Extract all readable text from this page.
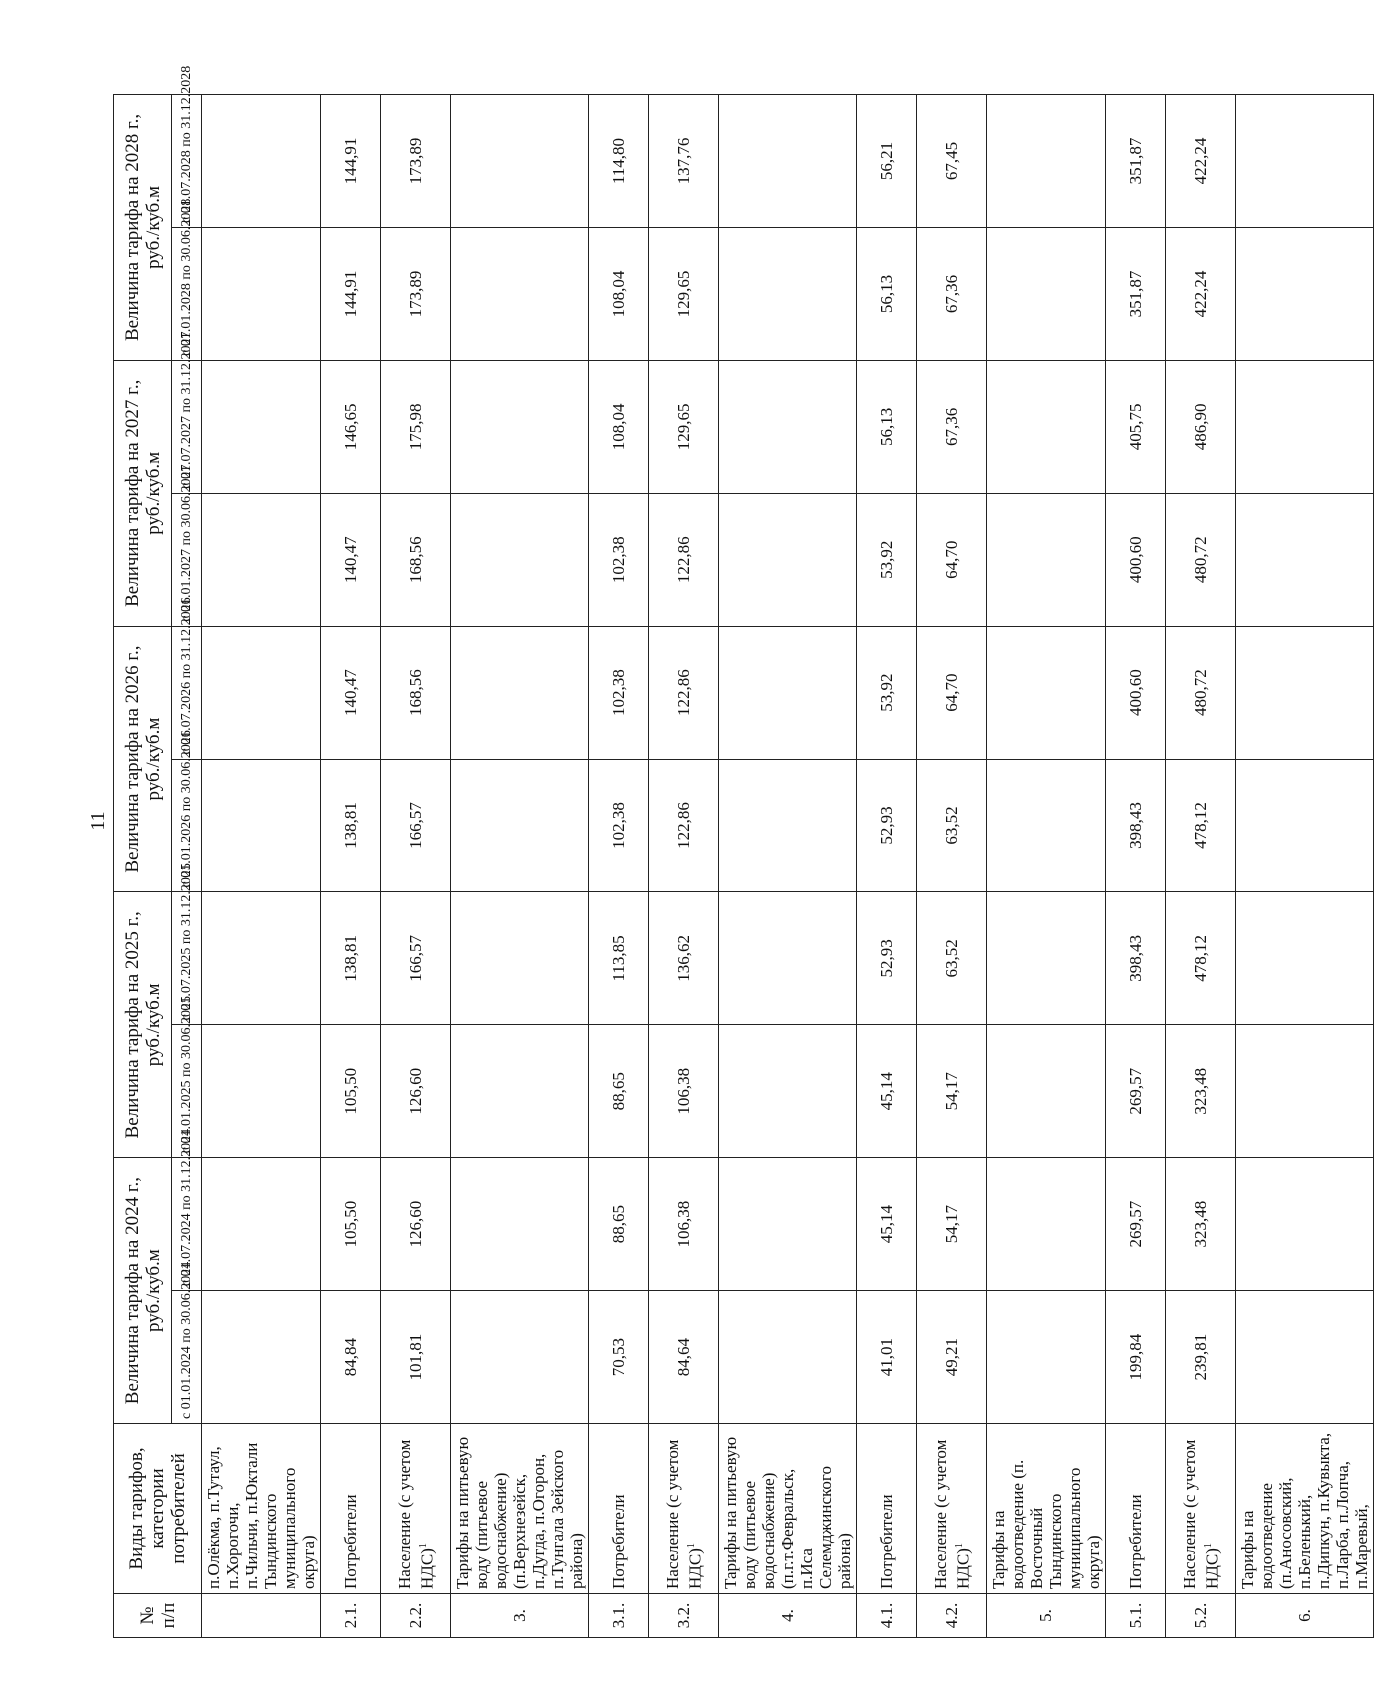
11
№ п/п	Виды тарифов, категории потребителей	Величина тарифа на 2024 г., руб./куб.м		Величина тарифа на 2025 г., руб./куб.м		Величина тарифа на 2026 г., руб./куб.м		Величина тарифа на 2027 г., руб./куб.м		Величина тарифа на 2028 г., руб./куб.м	
		с 01.01.2024 по 30.06.2024	с 01.07.2024 по 31.12.2024	с 01.01.2025 по 30.06.2025	с 01.07.2025 по 31.12.2025	с 01.01.2026 по 30.06.2026	с 01.07.2026 по 31.12.2026	с 01.01.2027 по 30.06.2027	с 01.07.2027 по 31.12.2027	с 01.01.2028 по 30.06.2028	с 01.07.2028 по 31.12.2028
	п.Олёкма, п.Тутаул, п.Хорогочи, п.Чильчи, п.Юктали Тындинского муниципального округа)										
2.1.	Потребители	84,84	105,50	105,50	138,81	138,81	140,47	140,47	146,65	144,91	144,91
2.2.	Население (с учетом НДС)$^1$	101,81	126,60	126,60	166,57	166,57	168,56	168,56	175,98	173,89	173,89
3.	Тарифы на питьевую воду (питьевое водоснабжение) (п.Верхнезейск, п.Дугда, п.Огорон, п.Тунгала Зейского района)										
3.1.	Потребители	70,53	88,65	88,65	113,85	102,38	102,38	102,38	108,04	108,04	114,80
3.2.	Население (с учетом НДС)$^1$	84,64	106,38	106,38	136,62	122,86	122,86	122,86	129,65	129,65	137,76
4.	Тарифы на питьевую воду (питьевое водоснабжение) (п.г.т.Февральск, п.Иса Селемджинского района)										
4.1.	Потребители	41,01	45,14	45,14	52,93	52,93	53,92	53,92	56,13	56,13	56,21
4.2.	Население (с учетом НДС)$^1$	49,21	54,17	54,17	63,52	63,52	64,70	64,70	67,36	67,36	67,45
5.	Тарифы на водоотведение (п. Восточный Тындинского муниципального округа)										
5.1.	Потребители	199,84	269,57	269,57	398,43	398,43	400,60	400,60	405,75	351,87	351,87
5.2.	Население (с учетом НДС)$^1$	239,81	323,48	323,48	478,12	478,12	480,72	480,72	486,90	422,24	422,24
6.	Тарифы на водоотведение (п.Аносовский, п.Беленький, п.Дипкун, п.Кувыкта, п.Ларба, п.Лопча, п.Маревый,										
